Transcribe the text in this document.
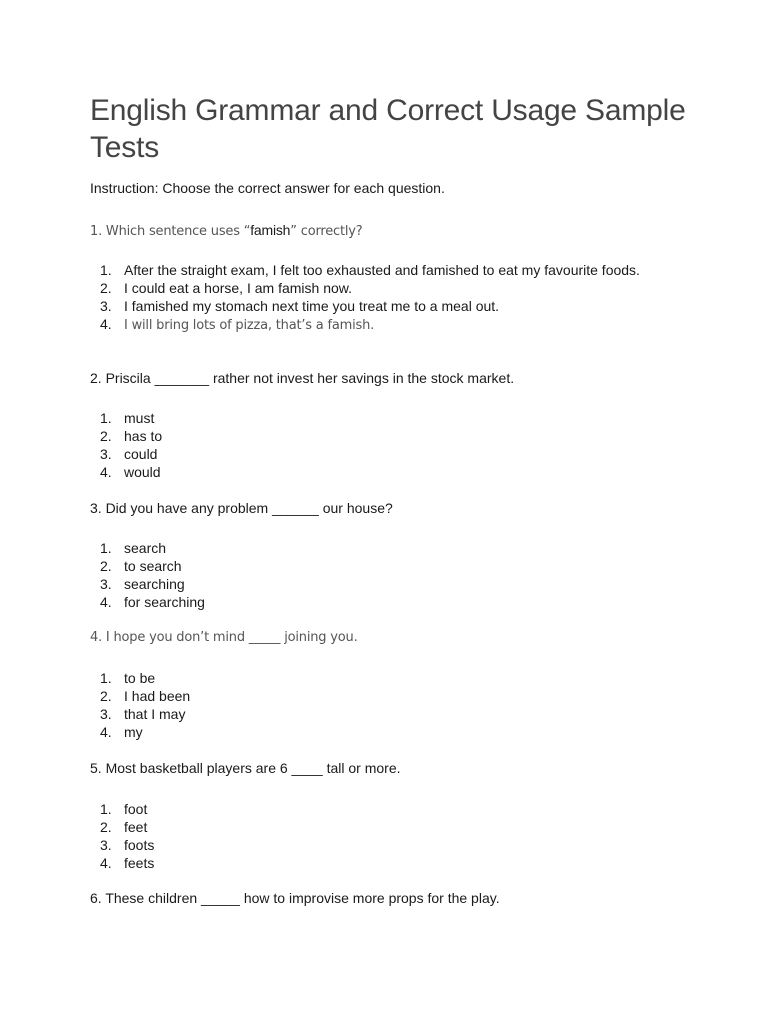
English Grammar and Correct Usage Sample Tests

Instruction: Choose the correct answer for each question.

1. Which sentence uses “famish” correctly?

1. After the straight exam, I felt too exhausted and famished to eat my favourite foods.
2. I could eat a horse, I am famish now.
3. I famished my stomach next time you treat me to a meal out.
4. I will bring lots of pizza, that’s a famish.

2. Priscila _______ rather not invest her savings in the stock market.

1. must
2. has to
3. could
4. would

3. Did you have any problem ______ our house?

1. search
2. to search
3. searching
4. for searching

4. I hope you don’t mind _____ joining you.

1. to be
2. I had been
3. that I may
4. my

5. Most basketball players are 6 ____ tall or more.

1. foot
2. feet
3. foots
4. feets

6. These children _____ how to improvise more props for the play.
